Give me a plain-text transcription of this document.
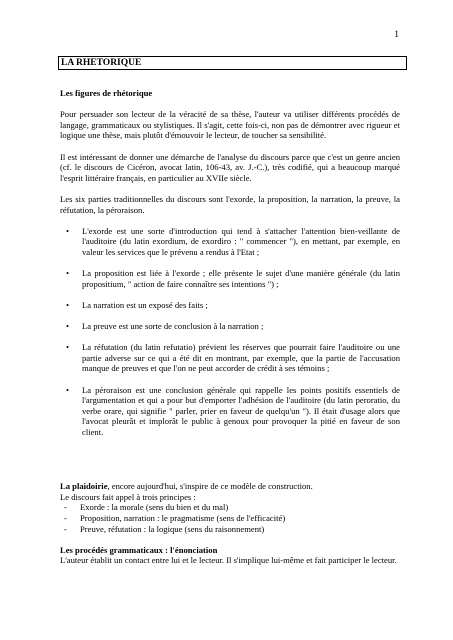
1
LA RHETORIQUE
Les figures de rhétorique

Pour persuader son lecteur de la véracité de sa thèse, l'auteur va utiliser différents procédés de langage, grammaticaux ou stylistiques. Il s'agit, cette fois-ci, non pas de démontrer avec rigueur et logique une thèse, mais plutôt d'émouvoir le lecteur, de toucher sa sensibilité.

Il est intéressant de donner une démarche de l'analyse du discours parce que c'est un genre ancien (cf. le discours de Cicéron, avocat latin, 106-43, av. J.-C.), très codifié, qui a beaucoup marqué l'esprit littéraire français, en particulier au XVIIe siècle.

Les six parties traditionnelles du discours sont l'exorde, la proposition, la narration, la preuve, la réfutation, la péroraison.

• L'exorde est une sorte d'introduction qui tend à s'attacher l'attention bien-veillante de l'auditoire (du latin exordium, de exordiro : " commencer "), en mettant, par exemple, en valeur les services que le prévenu a rendus à l'Etat ;
• La proposition est liée à l'exorde ; elle présente le sujet d'une manière générale (du latin propositium, " action de faire connaître ses intentions ") ;
• La narration est un exposé des faits ;
• La preuve est une sorte de conclusion à la narration ;
• La réfutation (du latin refutatio) prévient les réserves que pourrait faire l'auditoire ou une partie adverse sur ce qui a été dit en montrant, par exemple, que la partie de l'accusation manque de preuves et que l'on ne peut accorder de crédit à ses témoins ;
• La péroraison est une conclusion générale qui rappelle les points positifs essentiels de l'argumentation et qui a pour but d'emporter l'adhésion de l'auditoire (du latin peroratio, du verbe orare, qui signifie " parler, prier en faveur de quelqu'un "). Il était d'usage alors que l'avocat pleurât et implorât le public à genoux pour provoquer la pitié en faveur de son client.
La plaidoirie, encore aujourd'hui, s'inspire de ce modèle de construction.
Le discours fait appel à trois principes :
- Exorde : la morale (sens du bien et du mal)
- Proposition, narration : le pragmatisme (sens de l'efficacité)
- Preuve, réfutation : la logique (sens du raisonnement)
Les procédés grammaticaux : l'énonciation

L'auteur établit un contact entre lui et le lecteur. Il s'implique lui-même et fait participer le lecteur.
